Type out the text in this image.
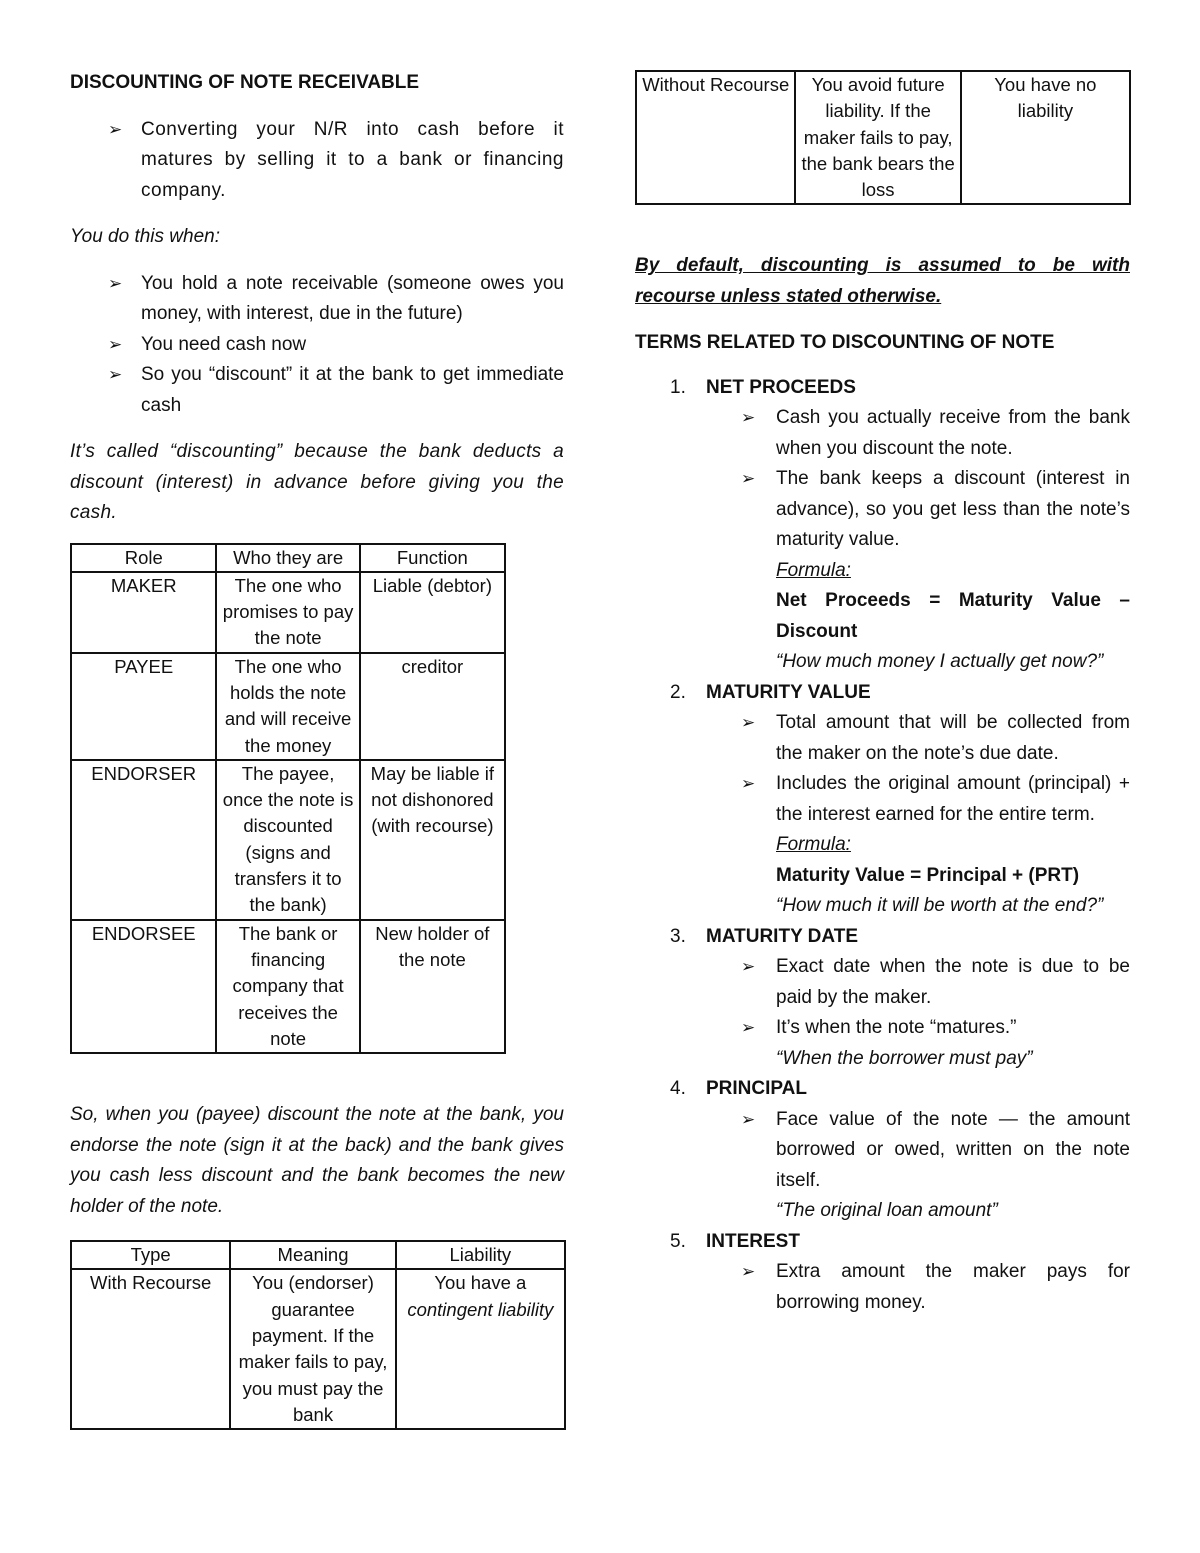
DISCOUNTING OF NOTE RECEIVABLE

➢ Converting your N/R into cash before it matures by selling it to a bank or financing company.

You do this when:

➢ You hold a note receivable (someone owes you money, with interest, due in the future)
➢ You need cash now
➢ So you “discount” it at the bank to get immediate cash

It’s called “discounting” because the bank deducts a discount (interest) in advance before giving you the cash.

Role	Who they are	Function
MAKER	The one who promises to pay the note	Liable (debtor)
PAYEE	The one who holds the note and will receive the money	creditor
ENDORSER	The payee, once the note is discounted (signs and transfers it to the bank)	May be liable if not dishonored (with recourse)
ENDORSEE	The bank or financing company that receives the note	New holder of the note

So, when you (payee) discount the note at the bank, you endorse the note (sign it at the back) and the bank gives you cash less discount and the bank becomes the new holder of the note.

Type	Meaning	Liability
With Recourse	You (endorser) guarantee payment. If the maker fails to pay, you must pay the bank	You have a contingent liability
Without Recourse	You avoid future liability. If the maker fails to pay, the bank bears the loss	You have no liability

By default, discounting is assumed to be with recourse unless stated otherwise.

TERMS RELATED TO DISCOUNTING OF NOTE

1. NET PROCEEDS
➢ Cash you actually receive from the bank when you discount the note.
➢ The bank keeps a discount (interest in advance), so you get less than the note’s maturity value.
Formula:
Net Proceeds = Maturity Value – Discount
“How much money I actually get now?”
2. MATURITY VALUE
➢ Total amount that will be collected from the maker on the note’s due date.
➢ Includes the original amount (principal) + the interest earned for the entire term.
Formula:
Maturity Value = Principal + (PRT)
“How much it will be worth at the end?”
3. MATURITY DATE
➢ Exact date when the note is due to be paid by the maker.
➢ It’s when the note “matures.”
“When the borrower must pay”
4. PRINCIPAL
➢ Face value of the note — the amount borrowed or owed, written on the note itself.
“The original loan amount”
5. INTEREST
➢ Extra amount the maker pays for borrowing money.
